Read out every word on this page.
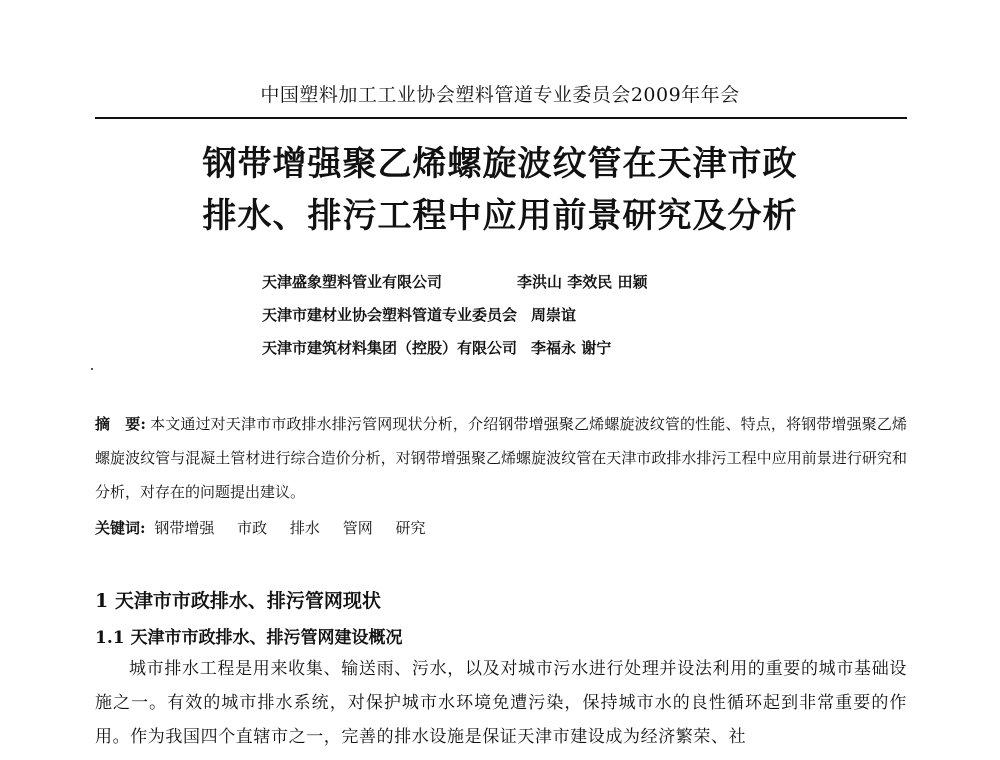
中国塑料加工工业协会塑料管道专业委员会2009年年会
钢带增强聚乙烯螺旋波纹管在天津市政
排水、排污工程中应用前景研究及分析
天津盛象塑料管业有限公司	李洪山 李效民 田颖
天津市建材业协会塑料管道专业委员会 周崇谊
天津市建筑材料集团（控股）有限公司 李福永 谢宁
摘　要: 本文通过对天津市市政排水排污管网现状分析，介绍钢带增强聚乙烯螺旋波纹管的性能、特点，将钢带增强聚乙烯螺旋波纹管与混凝土管材进行综合造价分析，对钢带增强聚乙烯螺旋波纹管在天津市政排水排污工程中应用前景进行研究和分析，对存在的问题提出建议。
关键词: 钢带增强 市政 排水 管网 研究
1 天津市市政排水、排污管网现状
1.1 天津市市政排水、排污管网建设概况
城市排水工程是用来收集、输送雨、污水，以及对城市污水进行处理并设法利用的重要的城市基础设施之一。有效的城市排水系统，对保护城市水环境免遭污染，保持城市水的良性循环起到非常重要的作用。作为我国四个直辖市之一，完善的排水设施是保证天津市建设成为经济繁荣、社
